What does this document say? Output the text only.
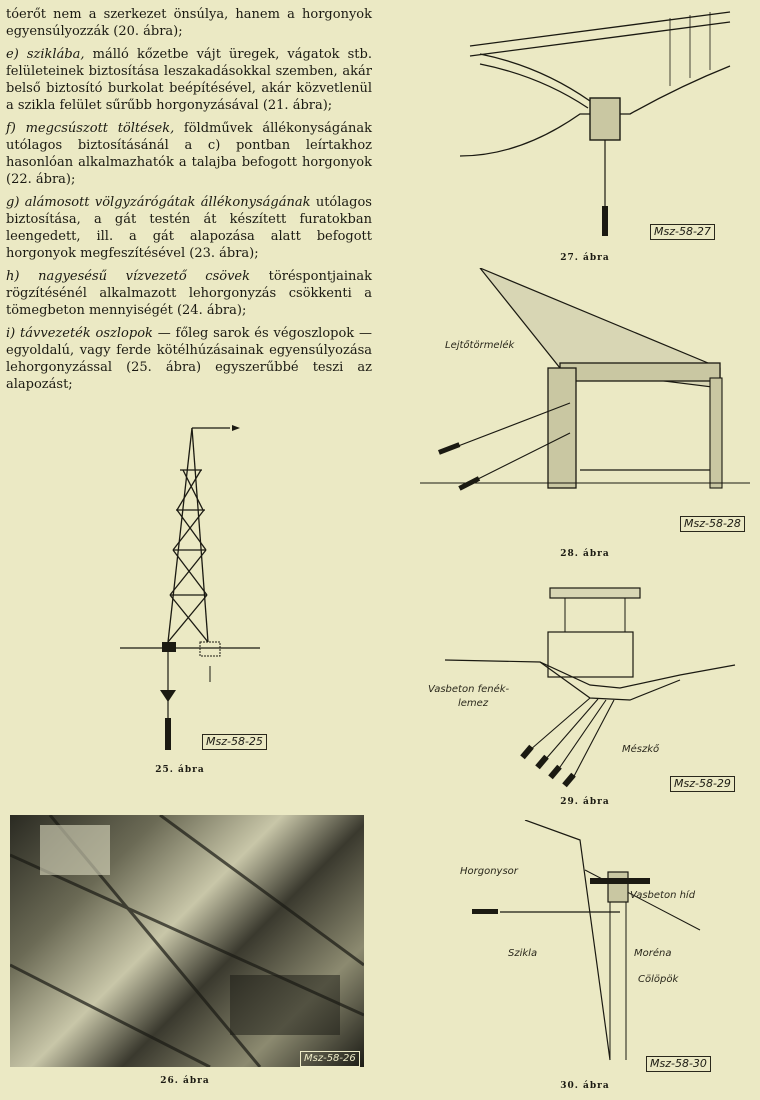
tóerőt nem a szerkezet önsúlya, hanem a horgonyok egyensúlyozzák (20. ábra);
e) sziklába, málló kőzetbe vájt üregek, vágatok stb. felületeinek biztosítása leszakadásokkal szemben, akár belső biztosító burkolat beépítésével, akár közvetlenül a szikla felület sűrűbb horgonyzásával (21. ábra);
f) megcsúszott töltések, földművek állékonyságának utólagos biztosításánál a c) pontban leírtakhoz hasonlóan alkalmazhatók a talajba befogott horgonyok (22. ábra);
g) alámosott völgyzárógátak állékonyságának utólagos biztosítása, a gát testén át készített furatokban leengedett, ill. a gát alapozása alatt befogott horgonyok megfeszítésével (23. ábra);
h) nagyesésű vízvezető csövek töréspontjainak rögzítésénél alkalmazott lehorgonyzás csökkenti a tömegbeton mennyiségét (24. ábra);
i) távvezeték oszlopok — főleg sarok és végoszlopok — egyoldalú, vagy ferde kötélhúzásainak egyensúlyozása lehorgonyzással (25. ábra) egyszerűbbé teszi az alapozást;
Msz-58-25
25. ábra
Msz-58-26
26. ábra
Msz-58-27
27. ábra
Lejtőtörmelék
Msz-58-28
28. ábra
Vasbeton fenék-
lemez
Mészkő
Msz-58-29
29. ábra
Horgonysor
Vasbeton híd
Szikla	Moréna
Cölöpök
Msz-58-30
30. ábra
